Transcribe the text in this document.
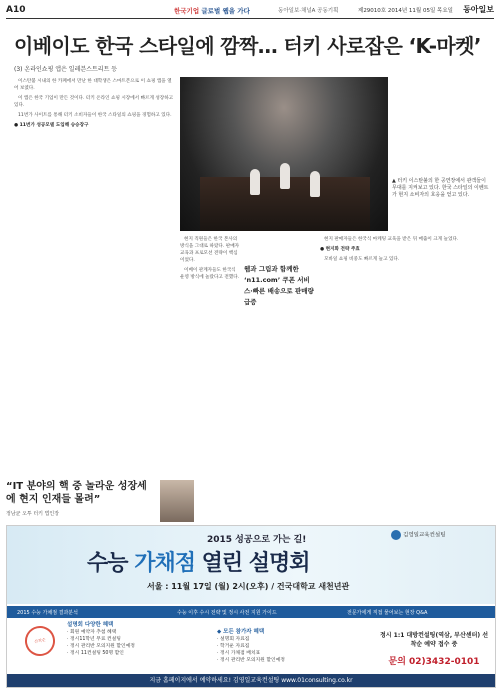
A10	한국기업 글로벌 웹을 가다	동아일보·채널A 공동기획	제29010호 2014년 11월 05일 목요일 동아일보
이베이도 한국 스타일에 깜짝… 터키 사로잡은 ‘K-마켓’
(3) 온라인쇼핑 앱은 일레븐스트리트 등

이스탄불 시내의 한 카페에서 만난 한 대학생은 스마트폰으로 이 쇼핑 앱을 열어 보였다.

이 앱은 한국 기업이 만든 것이다. 터키 온라인 쇼핑 시장에서 빠르게 성장하고 있다.

11번가 사이트를 통해 터키 소비자들이 한국 스타일의 쇼핑을 경험하고 있다.

● 11번가 성공모델 도입해 승승장구

▲ 터키 이스탄불의 한 공연장에서 관객들이 무대를 지켜보고 있다. 한국 스타일의 이벤트가 현지 소비자의 호응을 얻고 있다.

현지 직원들은 한국 본사의 방식을 그대로 따랐다. 판매자 교육과 프로모션 전략이 핵심이었다.

이베이 관계자들도 한국식 운영 방식에 놀랐다고 전했다.

웹과 그림과 함께한 ‘n11.com’ 쿠폰 서비스·빠른 배송으로 판매량 급증

현지 판매자들은 한국식 마케팅 교육을 받은 뒤 매출이 크게 늘었다.

● 현지화 전략 주효

모바일 쇼핑 비중도 빠르게 늘고 있다.

“IT 분야의 핵 중 놀라운 성장세에 현지 인재들 몰려”
정남균 오투 터키 법인장
2015 성공으로 가는 길!	김영일교육컨설팅
수능 가채점 열린 설명회
서울 : 11월 17일 (월) 2시(오후) / 건국대학교 새천년관
2015 수능 가채점 결과분석	수능 이후 수시 전략 및 정시 사전 지원 가이드	전문가에게 직접 물어보는 현장 Q&A
선착순
설명회 다양한 혜택
· 회원 예약자 추첨 혜택
· 정시11학년 무료 컨설팅
· 정시 관리반 모의지원 할인예정
· 정시 11컨설팅 50명 할인
◆ 모든 참가자 혜택
· 설명회 자료집
· 학거운 자료집
· 정시 가채점 배치표
· 정시 관리반 모의지원 할인예정
정시 1:1 대방컨설팅(역삼, 부산센터) 선착순 예약 접수 중
문의 02)3432-0101
지금 홈페이지에서 예약하세요! 김영일교육컨설팅 www.01consulting.co.kr
